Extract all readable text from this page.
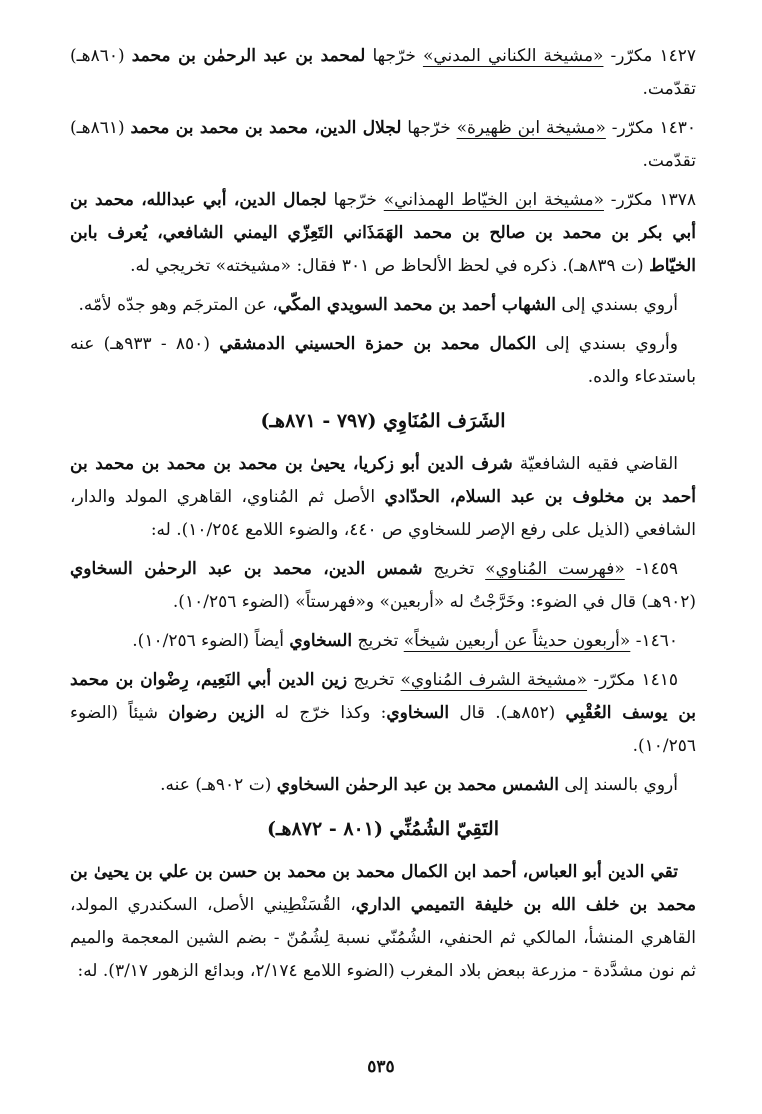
١٤٢٧ مكرّر- «مشيخة الكناني المدني» خرّجها لمحمد بن عبد الرحمٰن بن محمد (٨٦٠هـ) تقدّمت.

١٤٣٠ مكرّر- «مشيخة ابن ظهيرة» خرّجها لجلال الدين، محمد بن محمد بن محمد (٨٦١هـ) تقدّمت.

١٣٧٨ مكرّر- «مشيخة ابن الخيّاط الهمذاني» خرّجها لجمال الدين، أبي عبدالله، محمد بن أبي بكر بن محمد بن صالح بن محمد الهَمَذَاني التَعِزّي اليمني الشافعي، يُعرف بابن الخيّاط (ت ٨٣٩هـ). ذكره في لحظ الألحاظ ص ٣٠١ فقال: «مشيخته» تخريجي له.

أروي بسندي إلى الشهاب أحمد بن محمد السويدي المكّي، عن المترجَم وهو جدّه لأمّه.

وأروي بسندي إلى الكمال محمد بن حمزة الحسيني الدمشقي (٨٥٠ - ٩٣٣هـ) عنه باستدعاء والده.

الشَرَف المُنَاوِي (٧٩٧ - ٨٧١هـ)

القاضي فقيه الشافعيّة شرف الدين أبو زكريا، يحيىٰ بن محمد بن محمد بن محمد بن أحمد بن مخلوف بن عبد السلام، الحدّادي الأصل ثم المُناوي، القاهري المولد والدار، الشافعي (الذيل على رفع الإصر للسخاوي ص ٤٤٠، والضوء اللامع ١٠/٢٥٤). له:

١٤٥٩- «فهرست المُناوي» تخريج شمس الدين، محمد بن عبد الرحمٰن السخاوي (٩٠٢هـ) قال في الضوء: وخَرَّجْتُ له «أربعين» و«فهرستاً» (الضوء ١٠/٢٥٦).

١٤٦٠- «أربعون حديثاً عن أربعين شيخاً» تخريج السخاوي أيضاً (الضوء ١٠/٢٥٦).

١٤١٥ مكرّر- «مشيخة الشرف المُناوي» تخريج زين الدين أبي النَعِيم، رِضْوان بن محمد بن يوسف العُقْبِي (٨٥٢هـ). قال السخاوي: وكذا خرّج له الزين رضوان شيئاً (الضوء ١٠/٢٥٦).

أروي بالسند إلى الشمس محمد بن عبد الرحمٰن السخاوي (ت ٩٠٢هـ) عنه.

التَقِيّ الشُمُنِّي (٨٠١ - ٨٧٢هـ)

تقي الدين أبو العباس، أحمد ابن الكمال محمد بن محمد بن حسن بن علي بن يحيىٰ بن محمد بن خلف الله بن خليفة التميمي الداري، القُسَنْطِيني الأصل، السكندري المولد، القاهري المنشأ، المالكي ثم الحنفي، الشُمُنّي نسبة لِشُمُنّ - بضم الشين المعجمة والميم ثم نون مشدَّدة - مزرعة ببعض بلاد المغرب (الضوء اللامع ٢/١٧٤، وبدائع الزهور ٣/١٧). له:

٥٣٥
